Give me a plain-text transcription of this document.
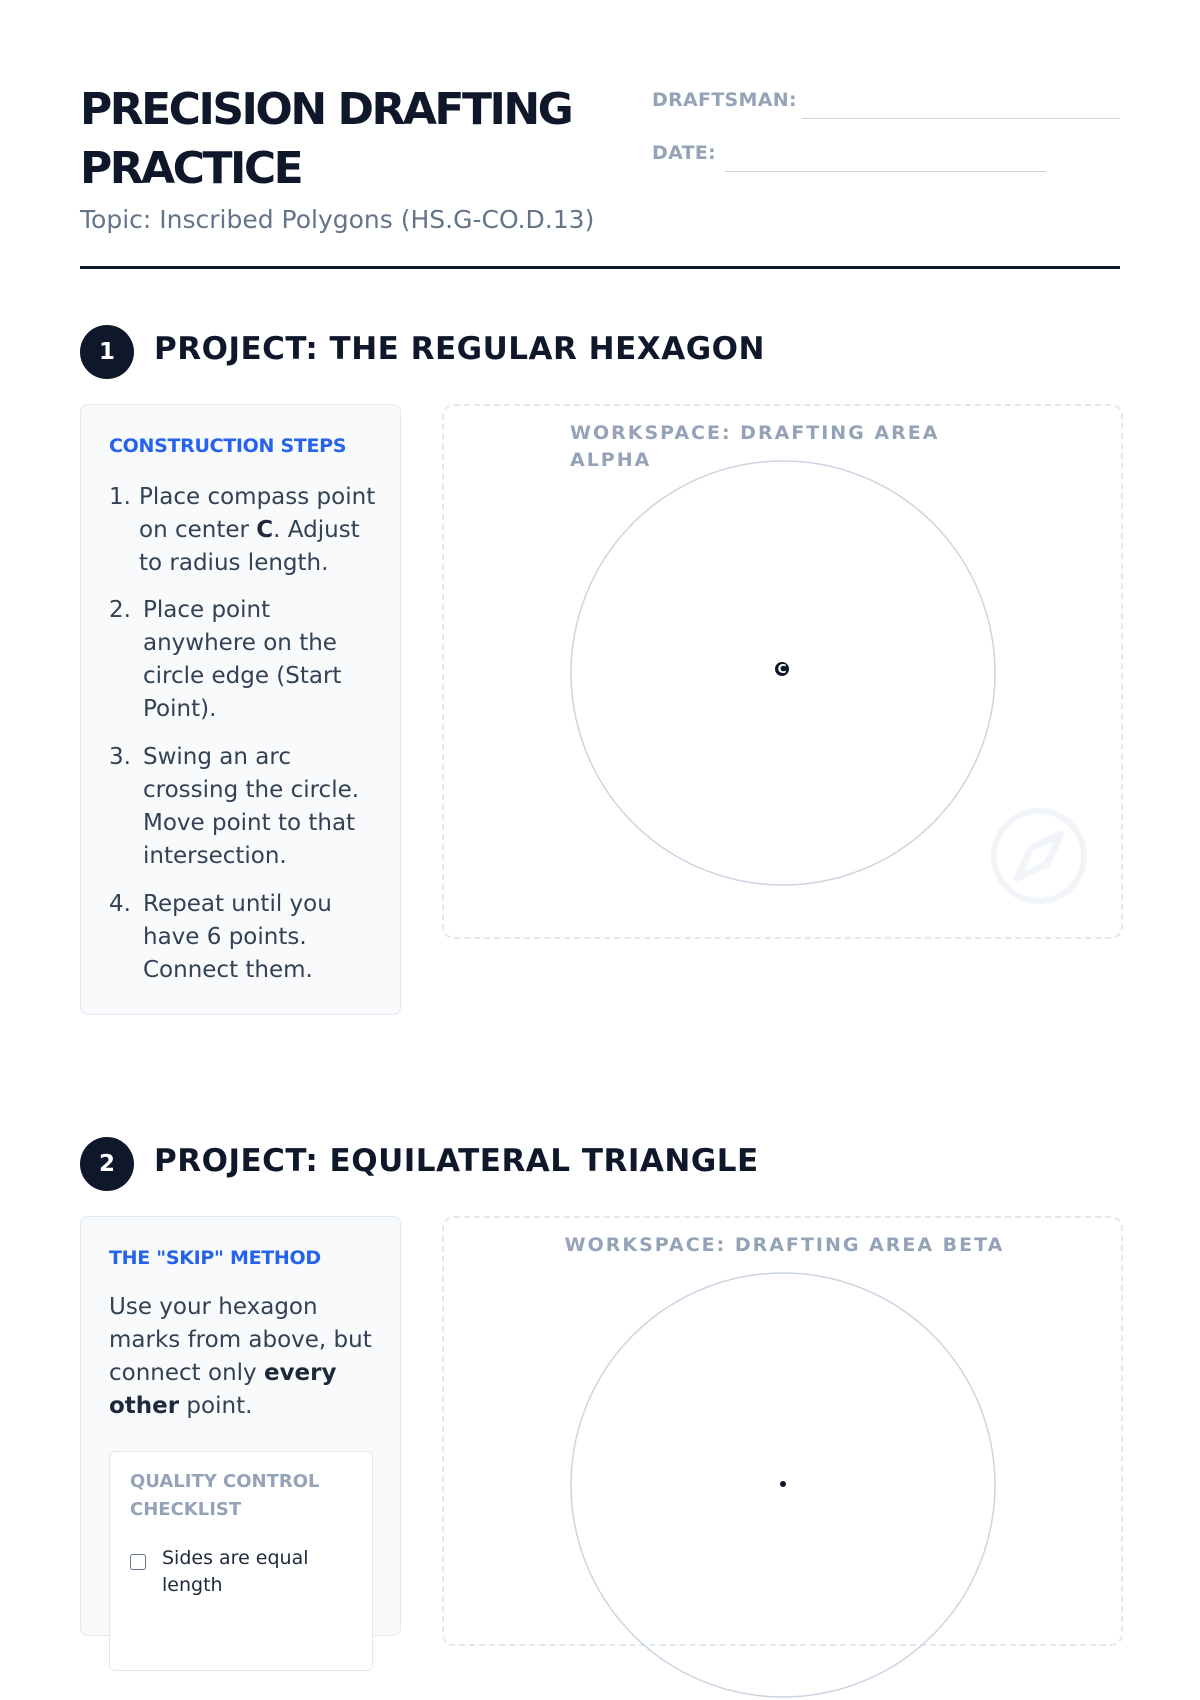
PRECISION DRAFTING
PRACTICE
Topic: Inscribed Polygons (HS.G-CO.D.13)
DRAFTSMAN:
DATE:
1	PROJECT: THE REGULAR HEXAGON
CONSTRUCTION STEPS
1. Place compass point on center C. Adjust to radius length.
2. Place point anywhere on the circle edge (Start Point).
3. Swing an arc crossing the circle. Move point to that intersection.
4. Repeat until you have 6 points. Connect them.
WORKSPACE: DRAFTING AREA ALPHA
C
2	PROJECT: EQUILATERAL TRIANGLE
THE "SKIP" METHOD
Use your hexagon marks from above, but connect only every other point.
QUALITY CONTROL CHECKLIST
Sides are equal length
WORKSPACE: DRAFTING AREA BETA
